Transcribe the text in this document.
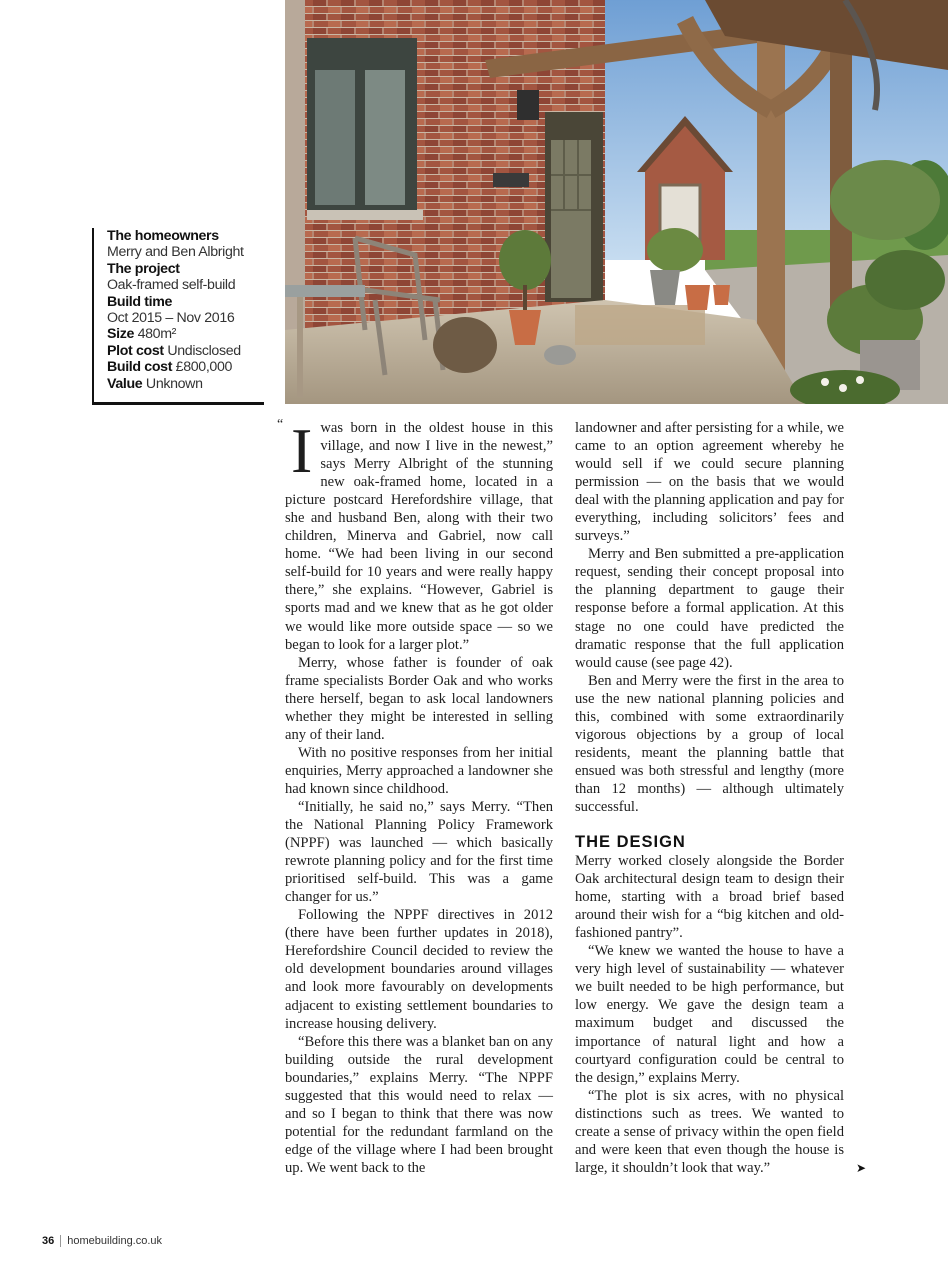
The homeowners
Merry and Ben Albright
The project
Oak-framed self-build
Build time
Oct 2015 – Nov 2016
Size 480m²
Plot cost Undisclosed
Build cost £800,000
Value Unknown

“ I was born in the oldest house in this village, and now I live in the newest,” says Merry Albright of the stunning new oak-framed home, located in a picture postcard Herefordshire village, that she and husband Ben, along with their two children, Minerva and Gabriel, now call home. “We had been living in our second self-build for 10 years and were really happy there,” she explains. “However, Gabriel is sports mad and we knew that as he got older we would like more outside space — so we began to look for a larger plot.”

Merry, whose father is founder of oak frame specialists Border Oak and who works there herself, began to ask local landowners whether they might be interested in selling any of their land.

With no positive responses from her initial enquiries, Merry approached a landowner she had known since childhood.

“Initially, he said no,” says Merry. “Then the National Planning Policy Framework (NPPF) was launched — which basically rewrote planning policy and for the first time prioritised self-build. This was a game changer for us.”

Following the NPPF directives in 2012 (there have been further updates in 2018), Herefordshire Council decided to review the old development boundaries around villages and look more favourably on developments adjacent to existing settlement boundaries to increase housing delivery.

“Before this there was a blanket ban on any building outside the rural development boundaries,” explains Merry. “The NPPF suggested that this would need to relax — and so I began to think that there was now potential for the redundant farmland on the edge of the village where I had been brought up. We went back to the

landowner and after persisting for a while, we came to an option agreement whereby he would sell if we could secure planning permission — on the basis that we would deal with the planning application and pay for everything, including solicitors’ fees and surveys.”

Merry and Ben submitted a pre-application request, sending their concept proposal into the planning department to gauge their response before a formal application. At this stage no one could have predicted the dramatic response that the full application would cause (see page 42).

Ben and Merry were the first in the area to use the new national planning policies and this, combined with some extraordinarily vigorous objections by a group of local residents, meant the planning battle that ensued was both stressful and lengthy (more than 12 months) — although ultimately successful.

THE DESIGN

Merry worked closely alongside the Border Oak architectural design team to design their home, starting with a broad brief based around their wish for a “big kitchen and old-fashioned pantry”.

“We knew we wanted the house to have a very high level of sustainability — whatever we built needed to be high performance, but low energy. We gave the design team a maximum budget and discussed the importance of natural light and how a courtyard configuration could be central to the design,” explains Merry.

“The plot is six acres, with no physical distinctions such as trees. We wanted to create a sense of privacy within the open field and were keen that even though the house is large, it shouldn’t look that way.”	➤
36	homebuilding.co.uk
